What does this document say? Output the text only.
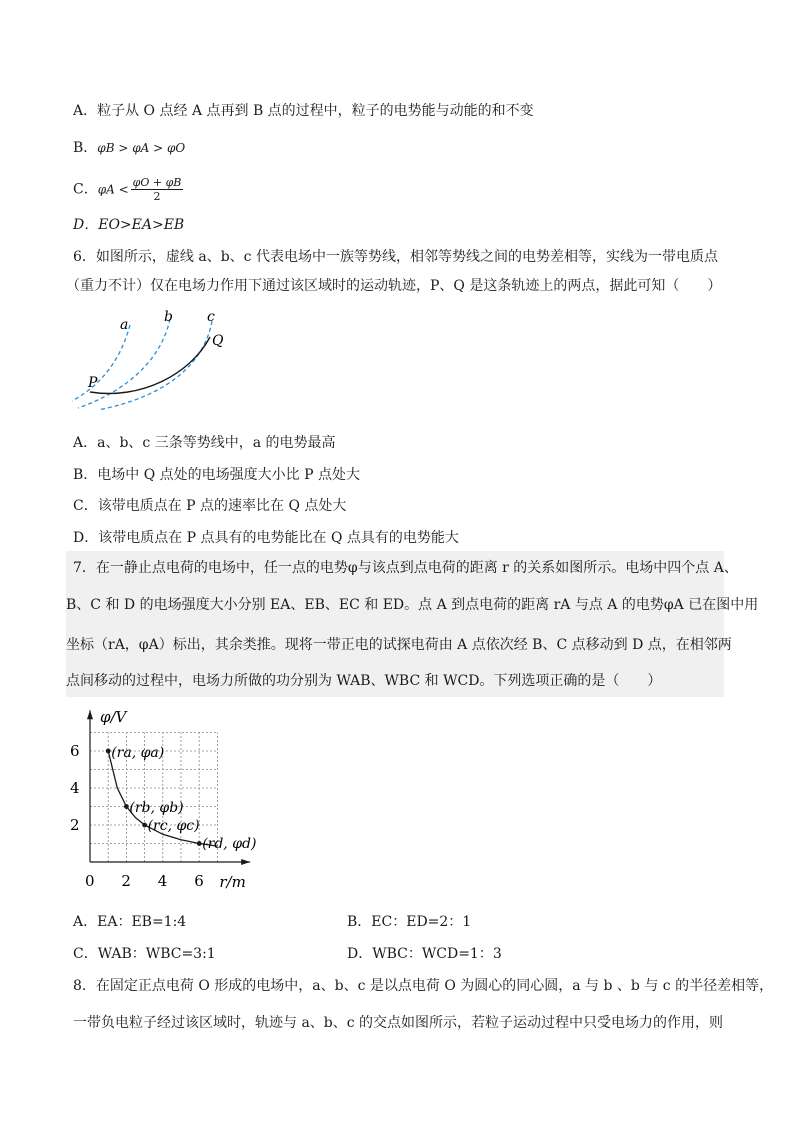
A．粒子从 O 点经 A 点再到 B 点的过程中，粒子的电势能与动能的和不变
B．φB > φA > φO
C．$\varphi A < \frac{\varphi O + \varphi B}{2}$
D．EO>EA>EB
6．如图所示，虚线 a、b、c 代表电场中一族等势线，相邻等势线之间的电势差相等，实线为一带电质点
（重力不计）仅在电场力作用下通过该区域时的运动轨迹，P、Q 是这条轨迹上的两点，据此可知（　　）
a	b c
P
Q
A．a、b、c 三条等势线中，a 的电势最高
B．电场中 Q 点处的电场强度大小比 P 点处大
C．该带电质点在 P 点的速率比在 Q 点处大
D．该带电质点在 P 点具有的电势能比在 Q 点具有的电势能大
7．在一静止点电荷的电场中，任一点的电势φ与该点到点电荷的距离 r 的关系如图所示。电场中四个点 A、
B、C 和 D 的电场强度大小分别 EA、EB、EC 和 ED。点 A 到点电荷的距离 rA 与点 A 的电势φA 已在图中用
坐标（rA，φA）标出，其余类推。现将一带正电的试探电荷由 A 点依次经 B、C 点移动到 D 点，在相邻两
点间移动的过程中，电场力所做的功分别为 WAB、WBC 和 WCD。下列选项正确的是（　　）
0 2 4 6
2
4
6
φ/V
r/m
(ra, φa)
(rb, φb)
(rc, φc)
(rd, φd)
A．EA：EB=1:4	B．EC：ED=2：1
C．WAB：WBC=3:1	D．WBC：WCD=1：3
8．在固定正点电荷 O 形成的电场中，a、b、c 是以点电荷 O 为圆心的同心圆，a 与 b 、b 与 c 的半径差相等，
一带负电粒子经过该区域时，轨迹与 a、b、c 的交点如图所示，若粒子运动过程中只受电场力的作用，则
